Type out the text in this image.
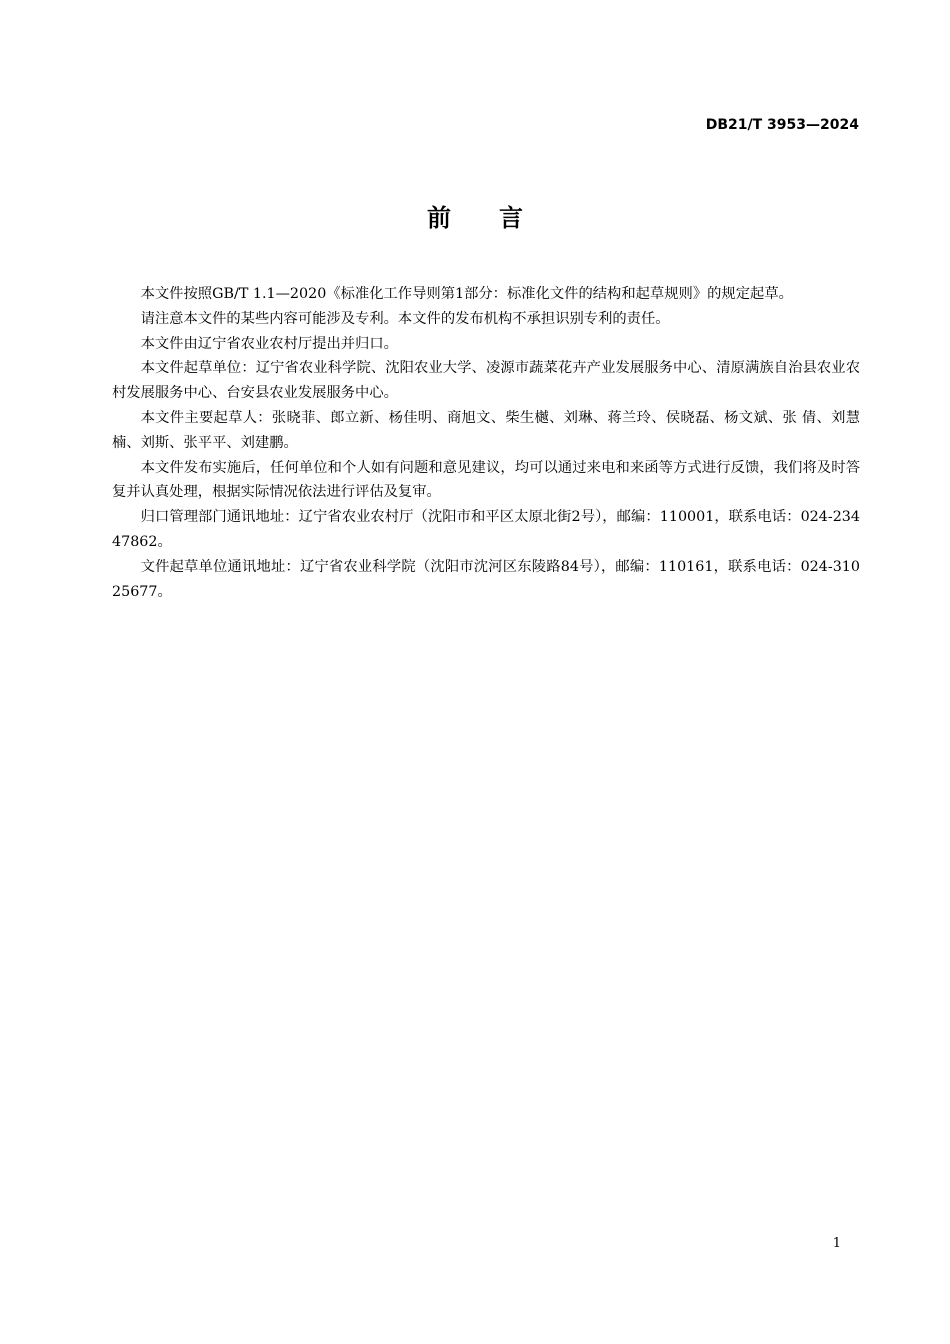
DB21/T 3953—2024
前言

本文件按照GB/T 1.1—2020《标准化工作导则第1部分：标准化文件的结构和起草规则》的规定起草。

请注意本文件的某些内容可能涉及专利。本文件的发布机构不承担识别专利的责任。

本文件由辽宁省农业农村厅提出并归口。

本文件起草单位：辽宁省农业科学院、沈阳农业大学、凌源市蔬菜花卉产业发展服务中心、清原满族自治县农业农村发展服务中心、台安县农业发展服务中心。

本文件主要起草人：张晓菲、郎立新、杨佳明、商旭文、柴生樾、刘琳、蒋兰玲、侯晓磊、杨文斌、张 倩、刘慧楠、刘斯、张平平、刘建鹏。

本文件发布实施后，任何单位和个人如有问题和意见建议，均可以通过来电和来函等方式进行反馈，我们将及时答复并认真处理，根据实际情况依法进行评估及复审。

归口管理部门通讯地址：辽宁省农业农村厅（沈阳市和平区太原北街2号），邮编：110001，联系电话：024-23447862。

文件起草单位通讯地址：辽宁省农业科学院（沈阳市沈河区东陵路84号），邮编：110161，联系电话：024-31025677。

1
